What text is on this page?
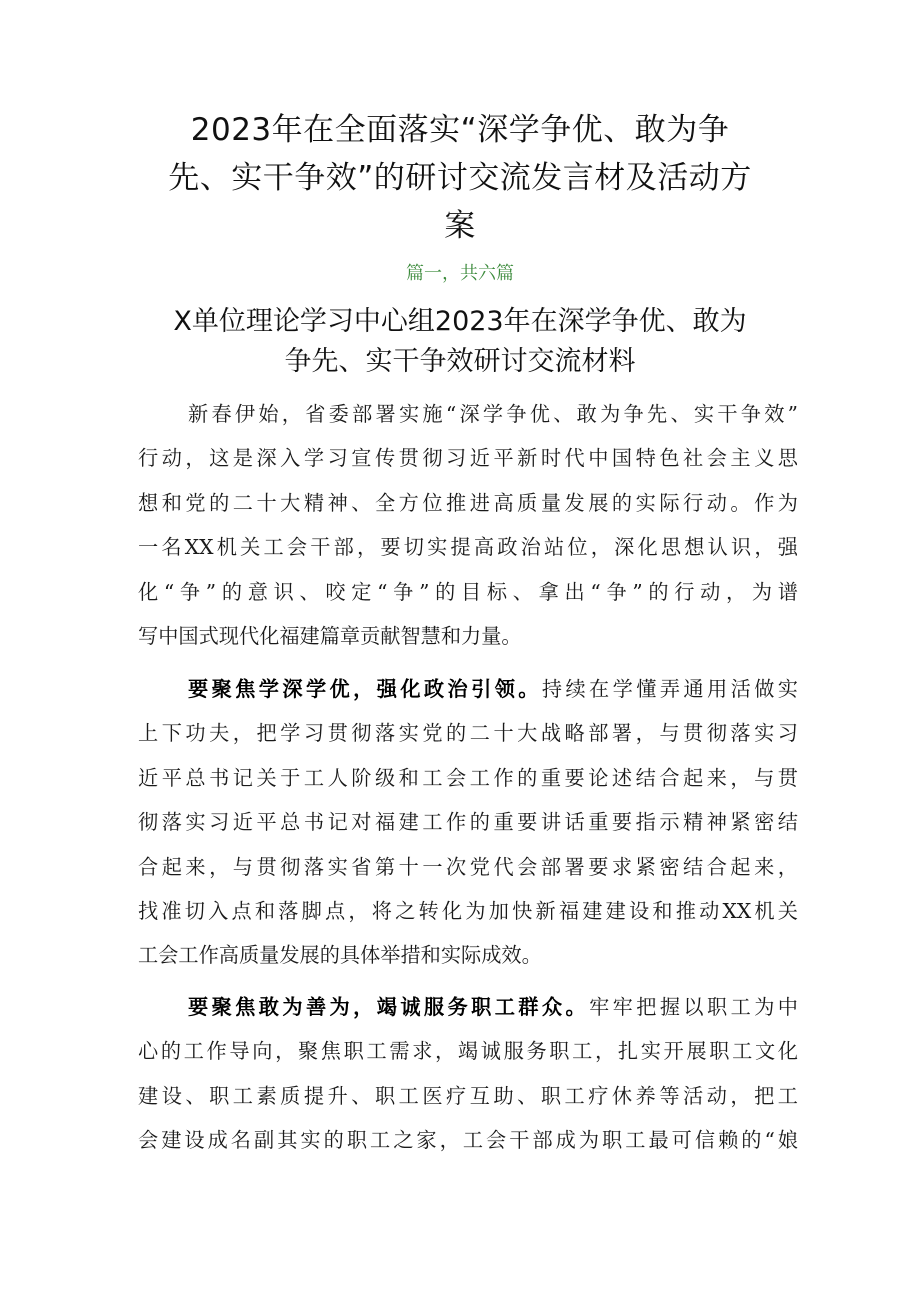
2023年在全面落实“深学争优、敢为争
先、实干争效”的研讨交流发言材及活动方
案
篇一，共六篇
X单位理论学习中心组2023年在深学争优、敢为
争先、实干争效研讨交流材料
新春伊始，省委部署实施“深学争优、敢为争先、实干争效”
行动，这是深入学习宣传贯彻习近平新时代中国特色社会主义思
想和党的二十大精神、全方位推进高质量发展的实际行动。作为
一名XX机关工会干部，要切实提高政治站位，深化思想认识，强
化“争”的意识、咬定“争”的目标、拿出“争”的行动，为谱
写中国式现代化福建篇章贡献智慧和力量。
要聚焦学深学优，强化政治引领。持续在学懂弄通用活做实
上下功夫，把学习贯彻落实党的二十大战略部署，与贯彻落实习
近平总书记关于工人阶级和工会工作的重要论述结合起来，与贯
彻落实习近平总书记对福建工作的重要讲话重要指示精神紧密结
合起来，与贯彻落实省第十一次党代会部署要求紧密结合起来，
找准切入点和落脚点，将之转化为加快新福建建设和推动XX机关
工会工作高质量发展的具体举措和实际成效。
要聚焦敢为善为，竭诚服务职工群众。牢牢把握以职工为中
心的工作导向，聚焦职工需求，竭诚服务职工，扎实开展职工文化
建设、职工素质提升、职工医疗互助、职工疗休养等活动，把工
会建设成名副其实的职工之家，工会干部成为职工最可信赖的“娘
